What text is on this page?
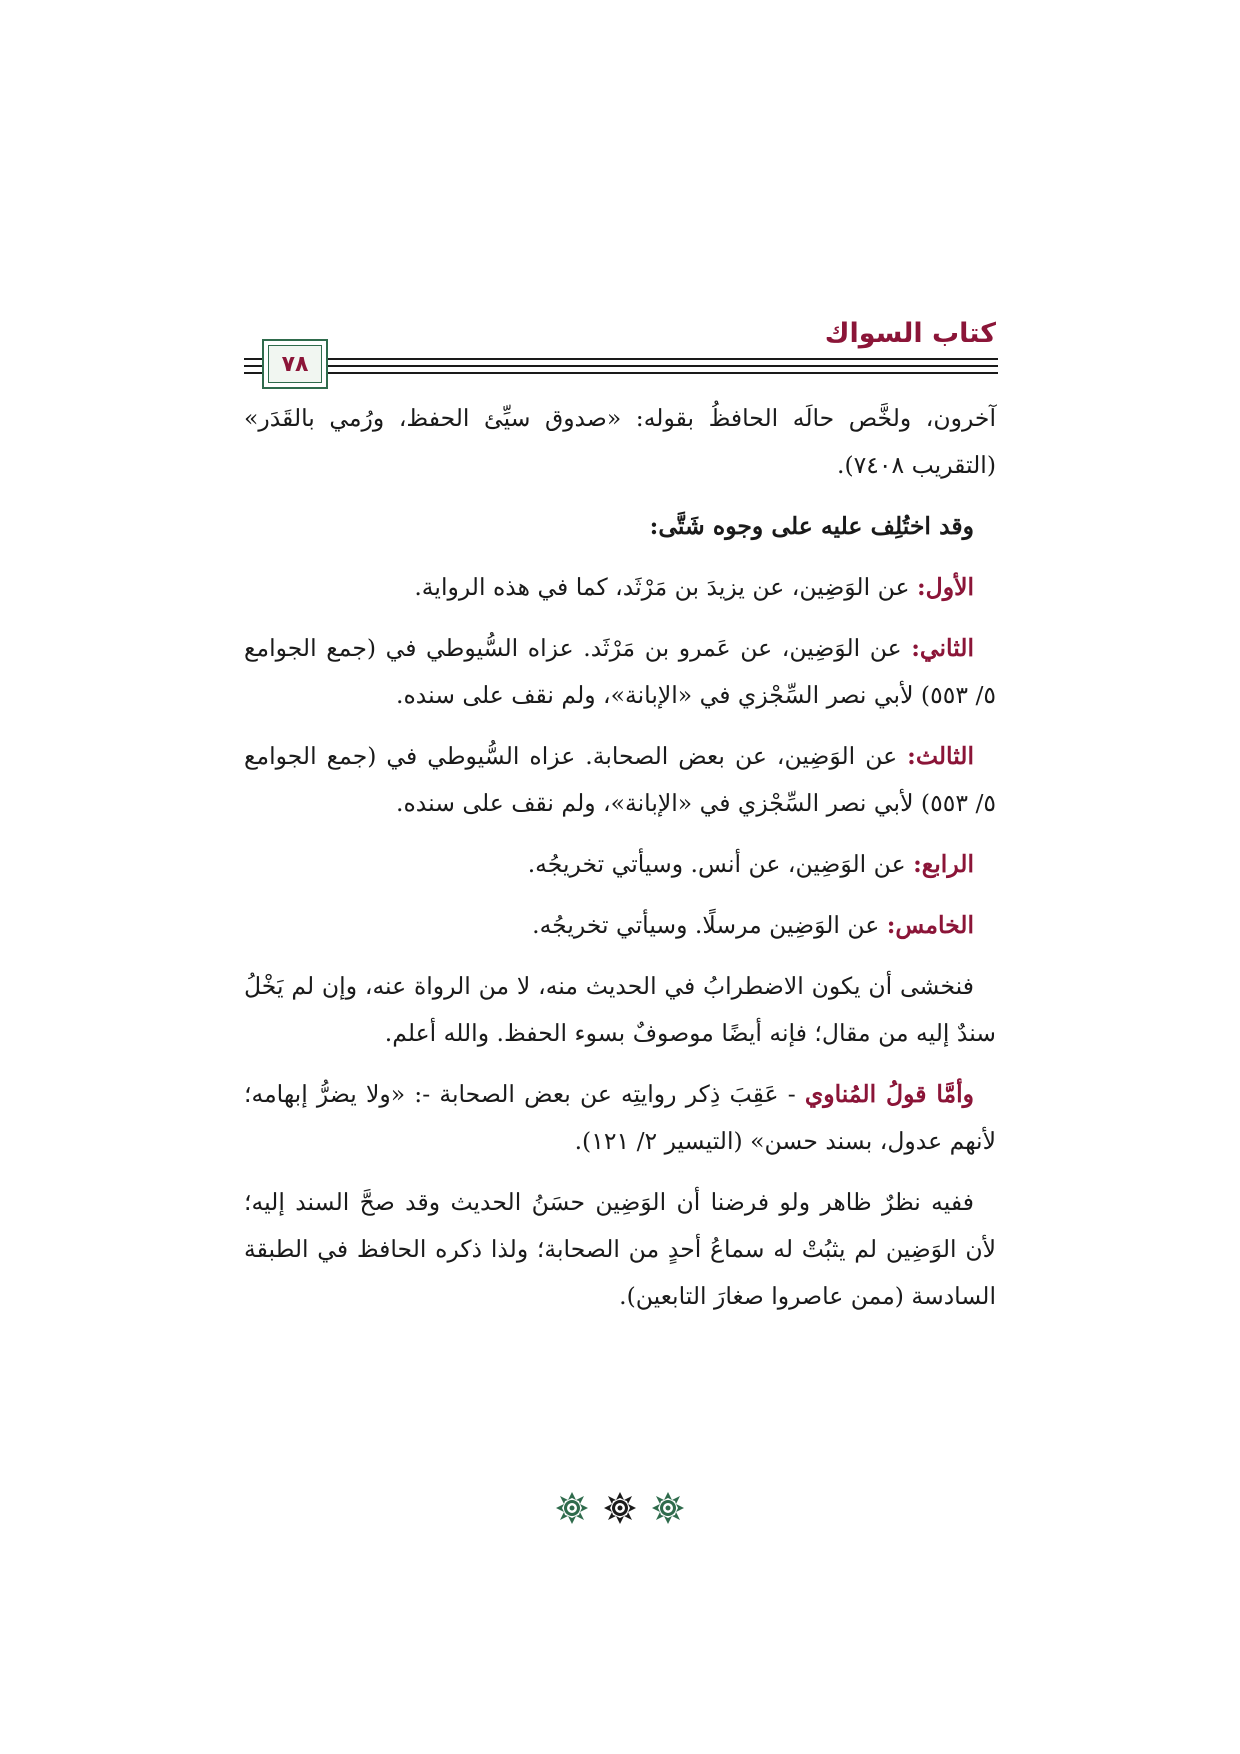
كتاب السواك
٧٨

آخرون، ولخَّص حالَه الحافظُ بقوله: «صدوق سيِّئ الحفظ، ورُمي بالقَدَر» (التقريب ٧٤٠٨).

وقد اختُلِف عليه على وجوه شَتَّى:

الأول: عن الوَضِين، عن يزيدَ بن مَرْثَد، كما في هذه الرواية.

الثاني: عن الوَضِين، عن عَمرو بن مَرْثَد. عزاه السُّيوطي في (جمع الجوامع ٥/ ٥٥٣) لأبي نصر السِّجْزي في «الإبانة»، ولم نقف على سنده.

الثالث: عن الوَضِين، عن بعض الصحابة. عزاه السُّيوطي في (جمع الجوامع ٥/ ٥٥٣) لأبي نصر السِّجْزي في «الإبانة»، ولم نقف على سنده.

الرابع: عن الوَضِين، عن أنس. وسيأتي تخريجُه.

الخامس: عن الوَضِين مرسلًا. وسيأتي تخريجُه.

فنخشى أن يكون الاضطرابُ في الحديث منه، لا من الرواة عنه، وإن لم يَخْلُ سندٌ إليه من مقال؛ فإنه أيضًا موصوفٌ بسوء الحفظ. والله أعلم.

وأمَّا قولُ المُناوي - عَقِبَ ذِكر روايتِه عن بعض الصحابة -: «ولا يضرُّ إبهامه؛ لأنهم عدول، بسند حسن» (التيسير ٢/ ١٢١).

ففيه نظرٌ ظاهر ولو فرضنا أن الوَضِين حسَنُ الحديث وقد صحَّ السند إليه؛ لأن الوَضِين لم يثبُتْ له سماعُ أحدٍ من الصحابة؛ ولذا ذكره الحافظ في الطبقة السادسة (ممن عاصروا صغارَ التابعين).
